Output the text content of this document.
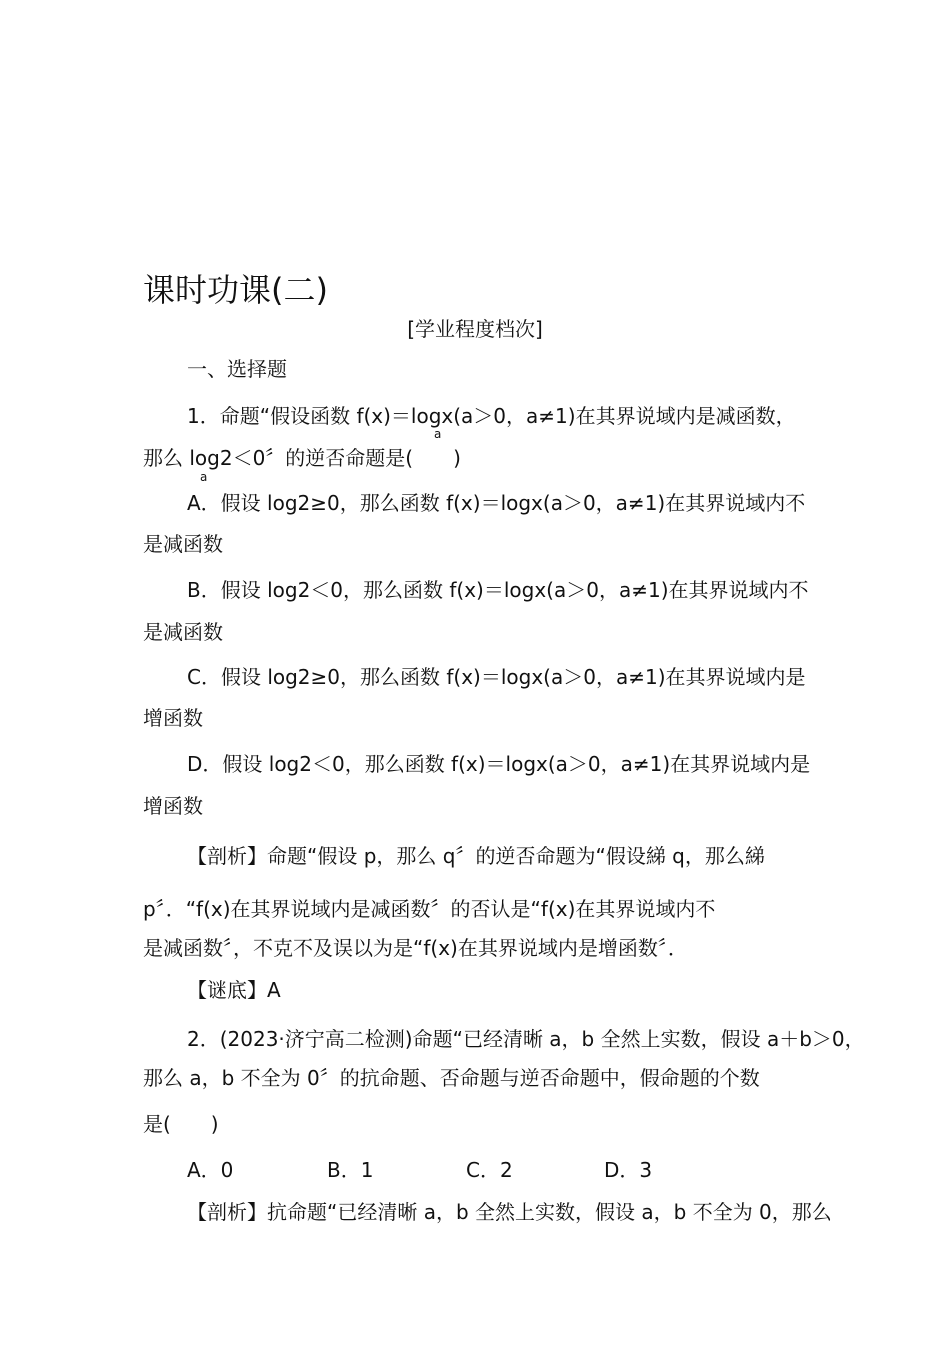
课时功课(二)
[学业程度档次]
一、选择题
1．命题“假设函数 f(x)＝logx(a＞0，a≠1)在其界说域内是减函数，
a
那么 log2＜0〞的逆否命题是(　　)
a
A．假设 log2≥0，那么函数 f(x)＝logx(a＞0，a≠1)在其界说域内不
是减函数
B．假设 log2＜0，那么函数 f(x)＝logx(a＞0，a≠1)在其界说域内不
是减函数
C．假设 log2≥0，那么函数 f(x)＝logx(a＞0，a≠1)在其界说域内是
增函数
D．假设 log2＜0，那么函数 f(x)＝logx(a＞0，a≠1)在其界说域内是
增函数
【剖析】命题“假设 p，那么 q〞的逆否命题为“假设綈 q，那么綈
p〞．“f(x)在其界说域内是减函数〞的否认是“f(x)在其界说域内不
是减函数〞，不克不及误以为是“f(x)在其界说域内是增函数〞．
【谜底】A
2．(2023·济宁高二检测)命题“已经清晰 a，b 全然上实数，假设 a＋b＞0，
那么 a，b 不全为 0〞的抗命题、否命题与逆否命题中，假命题的个数
是(　　)
A．0	B．1	C．2	D．3
【剖析】抗命题“已经清晰 a，b 全然上实数，假设 a，b 不全为 0，那么
